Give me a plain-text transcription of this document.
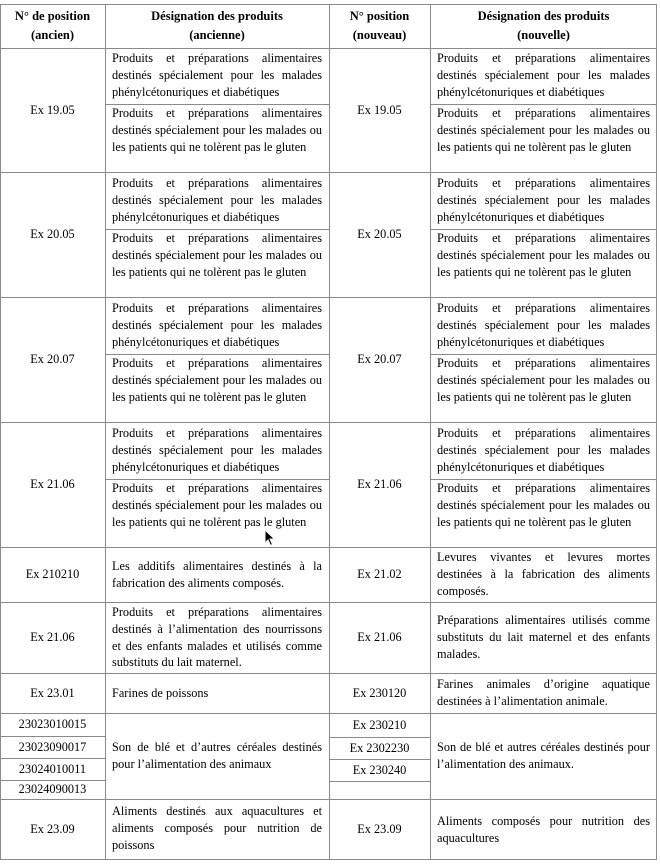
N° de position
(ancien)
Désignation des produits
(ancienne)
N° position
(nouveau)
Désignation des produits
(nouvelle)
Ex 19.05
Produits et préparations alimentaires destinés spécialement pour les malades phénylcétonuriques et diabétiques
Produits et préparations alimentaires destinés spécialement pour les malades ou les patients qui ne tolèrent pas le gluten
Ex 19.05
Produits et préparations alimentaires destinés spécialement pour les malades phénylcétonuriques et diabétiques
Produits et préparations alimentaires destinés spécialement pour les malades ou les patients qui ne tolèrent pas le gluten
Ex 20.05
Produits et préparations alimentaires destinés spécialement pour les malades phénylcétonuriques et diabétiques
Produits et préparations alimentaires destinés spécialement pour les malades ou les patients qui ne tolèrent pas le gluten
Ex 20.05
Produits et préparations alimentaires destinés spécialement pour les malades phénylcétonuriques et diabétiques
Produits et préparations alimentaires destinés spécialement pour les malades ou les patients qui ne tolèrent pas le gluten
Ex 20.07
Produits et préparations alimentaires destinés spécialement pour les malades phénylcétonuriques et diabétiques
Produits et préparations alimentaires destinés spécialement pour les malades ou les patients qui ne tolèrent pas le gluten
Ex 20.07
Produits et préparations alimentaires destinés spécialement pour les malades phénylcétonuriques et diabétiques
Produits et préparations alimentaires destinés spécialement pour les malades ou les patients qui ne tolèrent pas le gluten
Ex 21.06
Produits et préparations alimentaires destinés spécialement pour les malades phénylcétonuriques et diabétiques
Produits et préparations alimentaires destinés spécialement pour les malades ou les patients qui ne tolèrent pas le gluten
Ex 21.06
Produits et préparations alimentaires destinés spécialement pour les malades phénylcétonuriques et diabétiques
Produits et préparations alimentaires destinés spécialement pour les malades ou les patients qui ne tolèrent pas le gluten
Ex 210210
Les additifs alimentaires destinés à la fabrication des aliments composés.
Ex 21.02
Levures vivantes et levures mortes destinées à la fabrication des aliments composés.
Ex 21.06
Produits et préparations alimentaires destinés à l’alimentation des nourrissons et des enfants malades et utilisés comme substituts du lait maternel.
Ex 21.06
Préparations alimentaires utilisés comme substituts du lait maternel et des enfants malades.
Ex 23.01	Farines de poissons	Ex 230120
Farines animales d’origine aquatique destinées à l’alimentation animale.
23023010015
23023090017
23024010011
23024090013
Son de blé et d’autres céréales destinés pour l’alimentation des animaux
Ex 230210
Ex 2302230
Ex 230240
Son de blé et autres céréales destinés pour l’alimentation des animaux.
Ex 23.09
Aliments destinés aux aquacultures et aliments composés pour nutrition de poissons
Ex 23.09
Aliments composés pour nutrition des aquacultures
